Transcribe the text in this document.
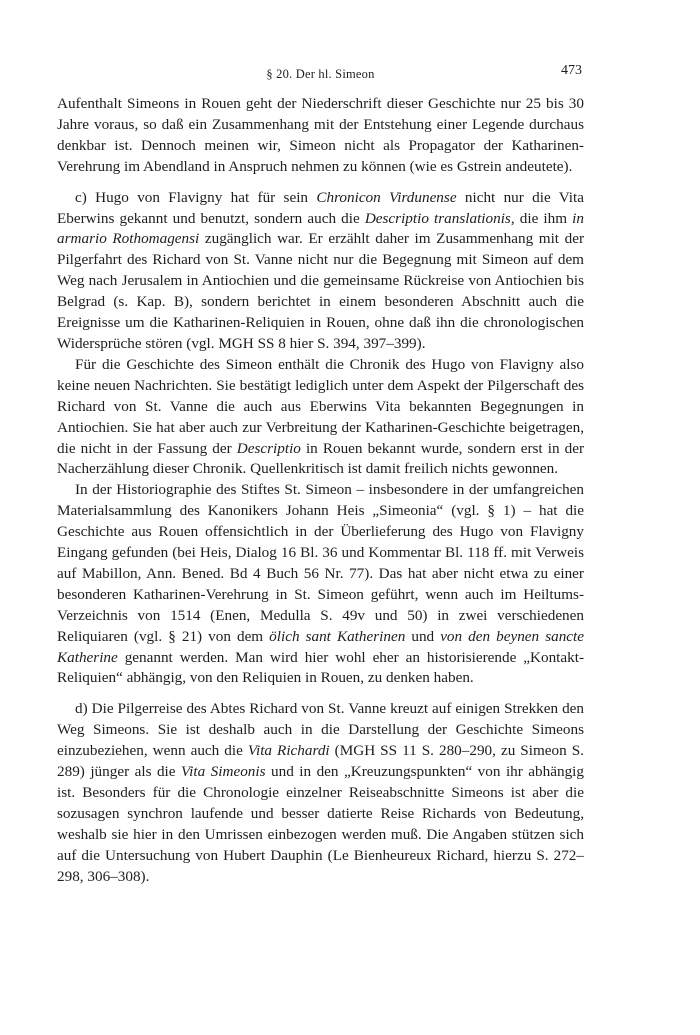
§ 20. Der hl. Simeon	473

Aufenthalt Simeons in Rouen geht der Niederschrift dieser Geschichte nur 25 bis 30 Jahre voraus, so daß ein Zusammenhang mit der Entstehung einer Legende durchaus denkbar ist. Dennoch meinen wir, Simeon nicht als Propagator der Katharinen-Verehrung im Abendland in Anspruch nehmen zu können (wie es Gstrein andeutete).

c) Hugo von Flavigny hat für sein Chronicon Virdunense nicht nur die Vita Eberwins gekannt und benutzt, sondern auch die Descriptio translationis, die ihm in armario Rothomagensi zugänglich war. Er erzählt daher im Zusammenhang mit der Pilgerfahrt des Richard von St. Vanne nicht nur die Begegnung mit Simeon auf dem Weg nach Jerusalem in Antiochien und die gemeinsame Rückreise von Antiochien bis Belgrad (s. Kap. B), sondern berichtet in einem besonderen Abschnitt auch die Ereignisse um die Katharinen-Reliquien in Rouen, ohne daß ihn die chronologischen Widersprüche stören (vgl. MGH SS 8 hier S. 394, 397–399).

Für die Geschichte des Simeon enthält die Chronik des Hugo von Flavigny also keine neuen Nachrichten. Sie bestätigt lediglich unter dem Aspekt der Pilgerschaft des Richard von St. Vanne die auch aus Eberwins Vita bekannten Begegnungen in Antiochien. Sie hat aber auch zur Verbreitung der Katharinen-Geschichte beigetragen, die nicht in der Fassung der Descriptio in Rouen bekannt wurde, sondern erst in der Nacherzählung dieser Chronik. Quellenkritisch ist damit freilich nichts gewonnen.

In der Historiographie des Stiftes St. Simeon – insbesondere in der umfangreichen Materialsammlung des Kanonikers Johann Heis „Simeonia“ (vgl. § 1) – hat die Geschichte aus Rouen offensichtlich in der Überlieferung des Hugo von Flavigny Eingang gefunden (bei Heis, Dialog 16 Bl. 36 und Kommentar Bl. 118 ff. mit Verweis auf Mabillon, Ann. Bened. Bd 4 Buch 56 Nr. 77). Das hat aber nicht etwa zu einer besonderen Katharinen-Verehrung in St. Simeon geführt, wenn auch im Heiltums-Verzeichnis von 1514 (Enen, Medulla S. 49v und 50) in zwei verschiedenen Reliquiaren (vgl. § 21) von dem ölich sant Katherinen und von den beynen sancte Katherine genannt werden. Man wird hier wohl eher an historisierende „Kontakt-Reliquien“ abhängig, von den Reliquien in Rouen, zu denken haben.

d) Die Pilgerreise des Abtes Richard von St. Vanne kreuzt auf einigen Strekken den Weg Simeons. Sie ist deshalb auch in die Darstellung der Geschichte Simeons einzubeziehen, wenn auch die Vita Richardi (MGH SS 11 S. 280–290, zu Simeon S. 289) jünger als die Vita Simeonis und in den „Kreuzungspunkten“ von ihr abhängig ist. Besonders für die Chronologie einzelner Reiseabschnitte Simeons ist aber die sozusagen synchron laufende und besser datierte Reise Richards von Bedeutung, weshalb sie hier in den Umrissen einbezogen werden muß. Die Angaben stützen sich auf die Untersuchung von Hubert Dauphin (Le Bienheureux Richard, hierzu S. 272–298, 306–308).
